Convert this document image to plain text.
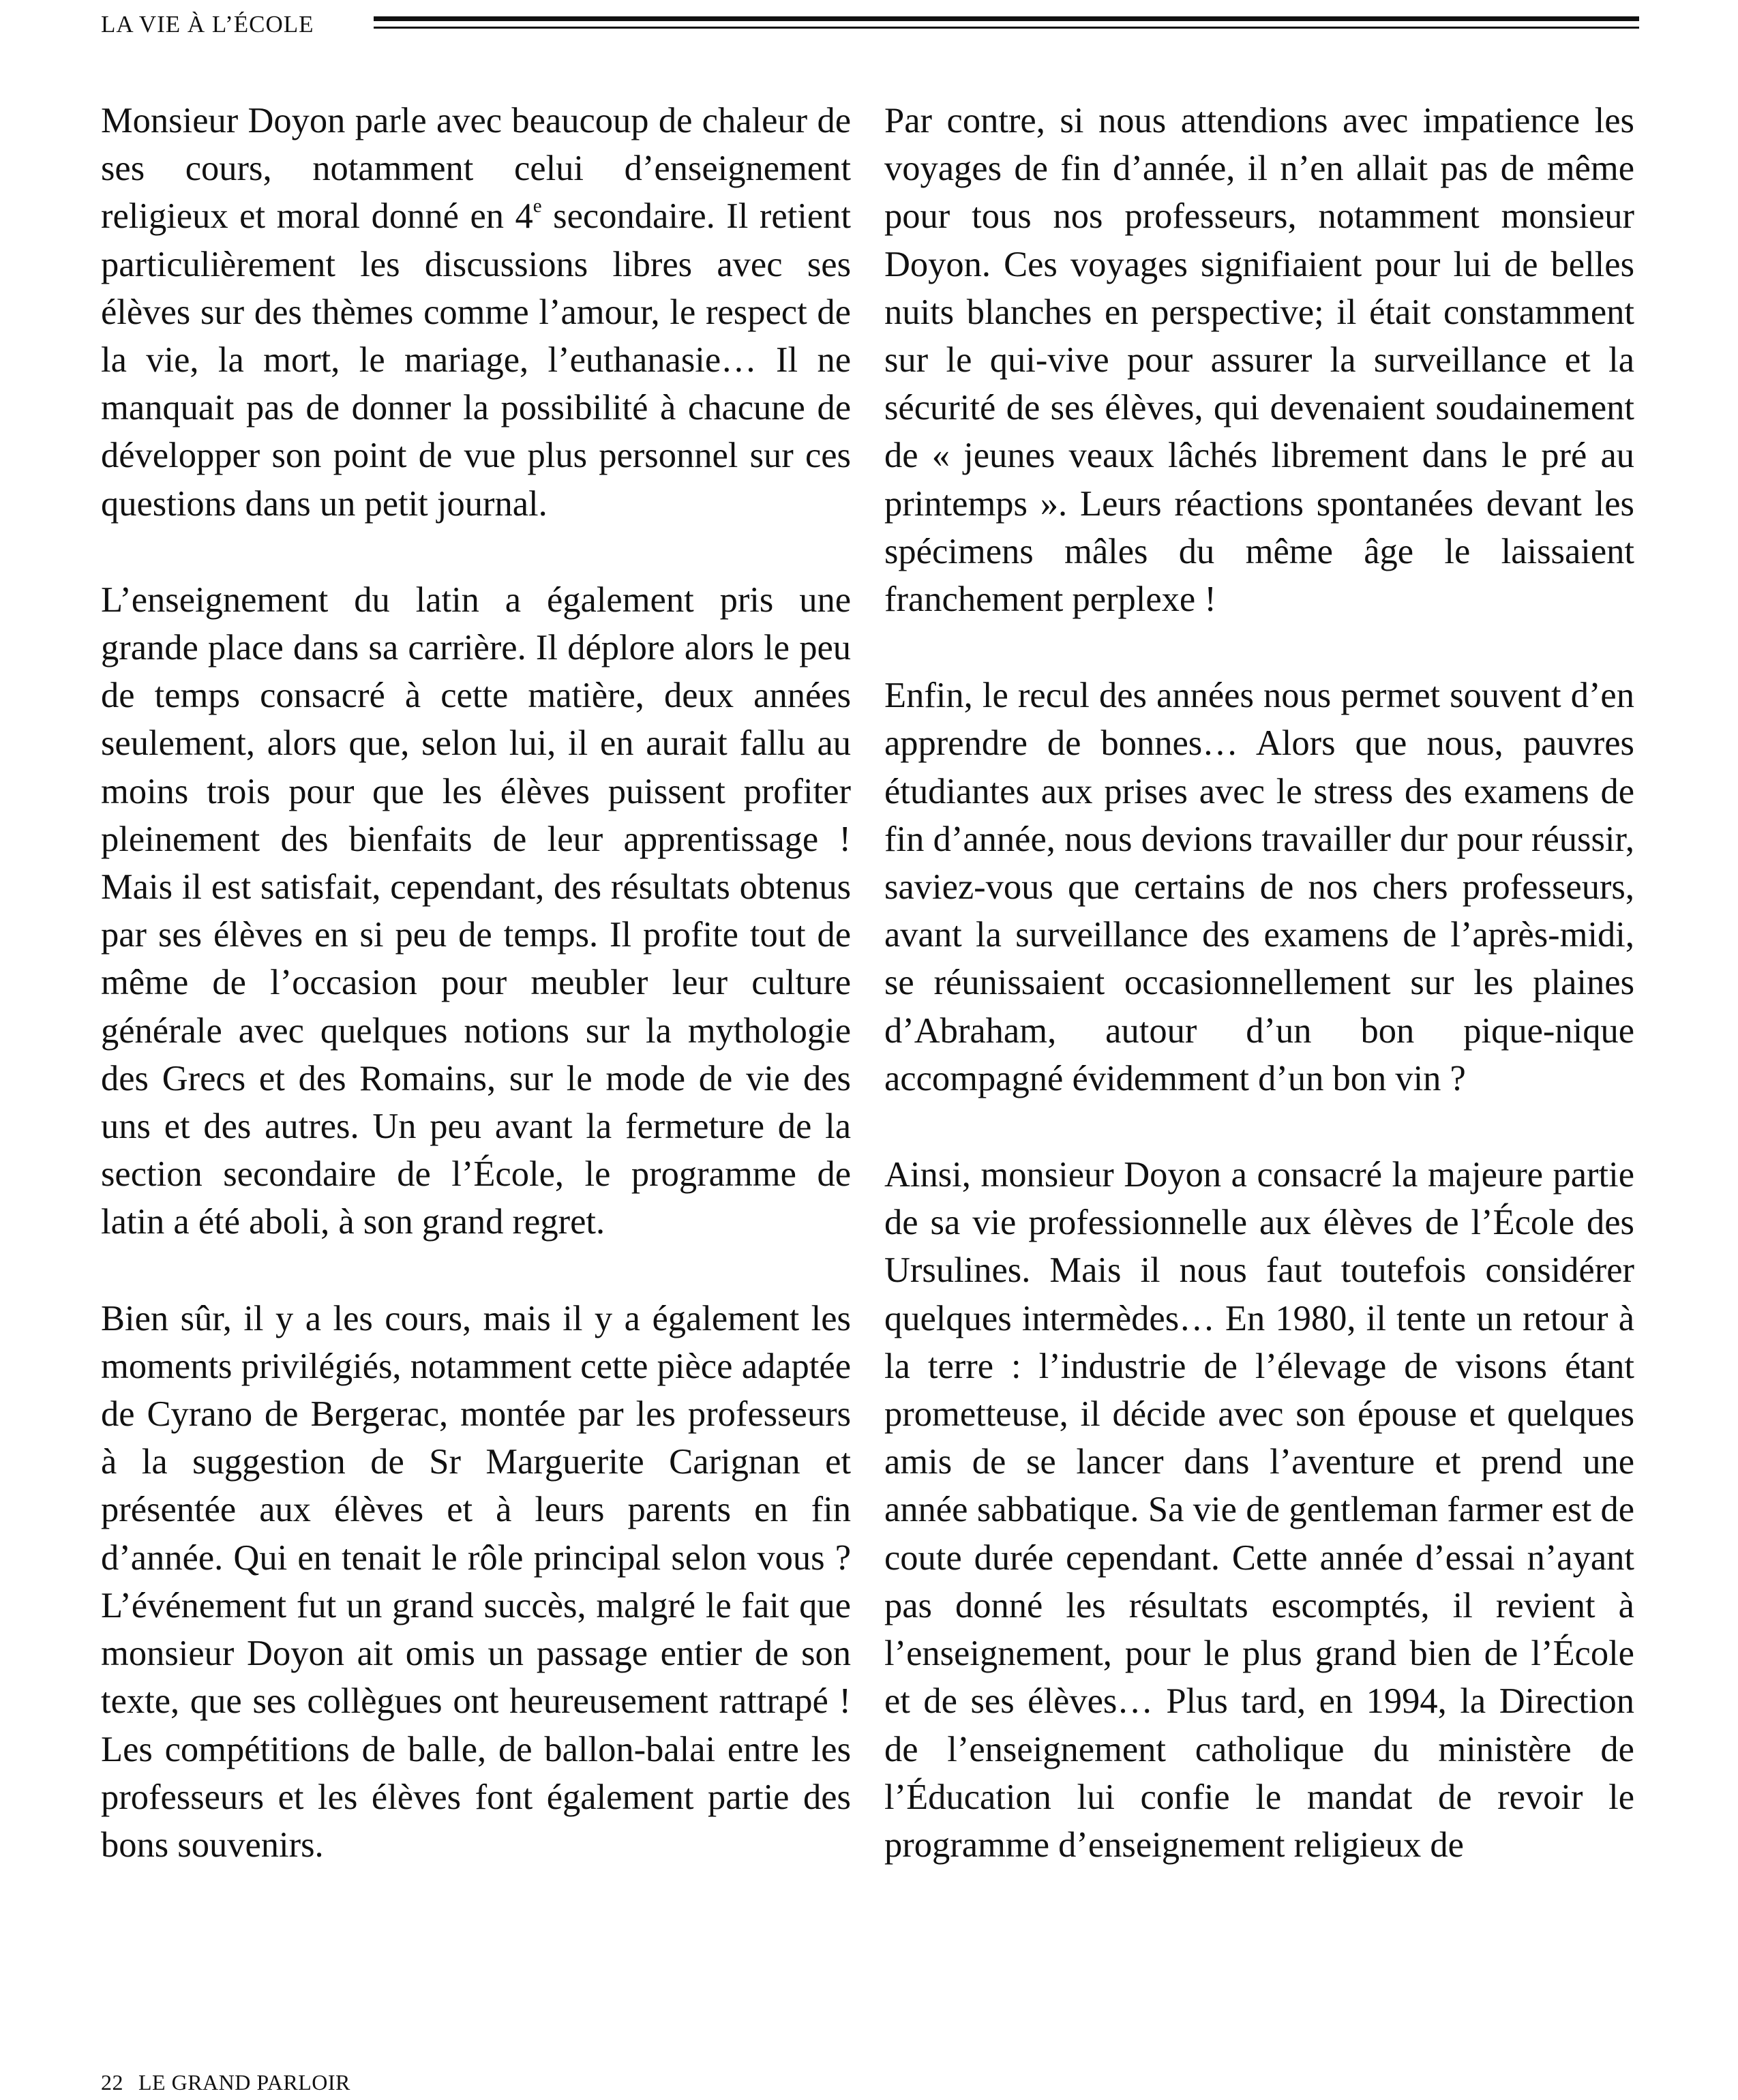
LA VIE À L’ÉCOLE

Monsieur Doyon parle avec beaucoup de chaleur de ses cours, notamment celui d’enseignement religieux et moral donné en 4e secondaire. Il retient particulièrement les discussions libres avec ses élèves sur des thèmes comme l’amour, le respect de la vie, la mort, le mariage, l’euthanasie… Il ne manquait pas de donner la possibilité à chacune de développer son point de vue plus personnel sur ces questions dans un petit journal.

L’enseignement du latin a également pris une grande place dans sa carrière. Il déplore alors le peu de temps consacré à cette matière, deux années seulement, alors que, selon lui, il en aurait fallu au moins trois pour que les élèves puissent profiter pleinement des bienfaits de leur apprentissage ! Mais il est satisfait, cependant, des résultats obtenus par ses élèves en si peu de temps. Il profite tout de même de l’occasion pour meubler leur culture générale avec quelques notions sur la mythologie des Grecs et des Romains, sur le mode de vie des uns et des autres. Un peu avant la fermeture de la section secondaire de l’École, le programme de latin a été aboli, à son grand regret.

Bien sûr, il y a les cours, mais il y a également les moments privilégiés, notamment cette pièce adaptée de Cyrano de Bergerac, montée par les professeurs à la suggestion de Sr Marguerite Carignan et présentée aux élèves et à leurs parents en fin d’année. Qui en tenait le rôle principal selon vous ? L’événement fut un grand succès, malgré le fait que monsieur Doyon ait omis un passage entier de son texte, que ses collègues ont heureusement rattrapé ! Les compétitions de balle, de ballon-balai entre les professeurs et les élèves font également partie des bons souvenirs.

Par contre, si nous attendions avec impatience les voyages de fin d’année, il n’en allait pas de même pour tous nos professeurs, notamment monsieur Doyon. Ces voyages signifiaient pour lui de belles nuits blanches en perspective; il était constamment sur le qui-vive pour assurer la surveillance et la sécurité de ses élèves, qui devenaient soudainement de « jeunes veaux lâchés librement dans le pré au printemps ». Leurs réactions spontanées devant les spécimens mâles du même âge le laissaient franchement perplexe !

Enfin, le recul des années nous permet souvent d’en apprendre de bonnes… Alors que nous, pauvres étudiantes aux prises avec le stress des examens de fin d’année, nous devions travailler dur pour réussir, saviez-vous que certains de nos chers professeurs, avant la surveillance des examens de l’après-midi, se réunissaient occasionnellement sur les plaines d’Abraham, autour d’un bon pique-nique accompagné évidemment d’un bon vin ?

Ainsi, monsieur Doyon a consacré la majeure partie de sa vie professionnelle aux élèves de l’École des Ursulines. Mais il nous faut toutefois considérer quelques intermèdes… En 1980, il tente un retour à la terre : l’industrie de l’élevage de visons étant prometteuse, il décide avec son épouse et quelques amis de se lancer dans l’aventure et prend une année sabbatique. Sa vie de gentleman farmer est de coute durée cependant. Cette année d’essai n’ayant pas donné les résultats escomptés, il revient à l’enseignement, pour le plus grand bien de l’École et de ses élèves… Plus tard, en 1994, la Direction de l’enseignement catholique du ministère de l’Éducation lui confie le mandat de revoir le programme d’enseignement religieux de

22 LE GRAND PARLOIR
